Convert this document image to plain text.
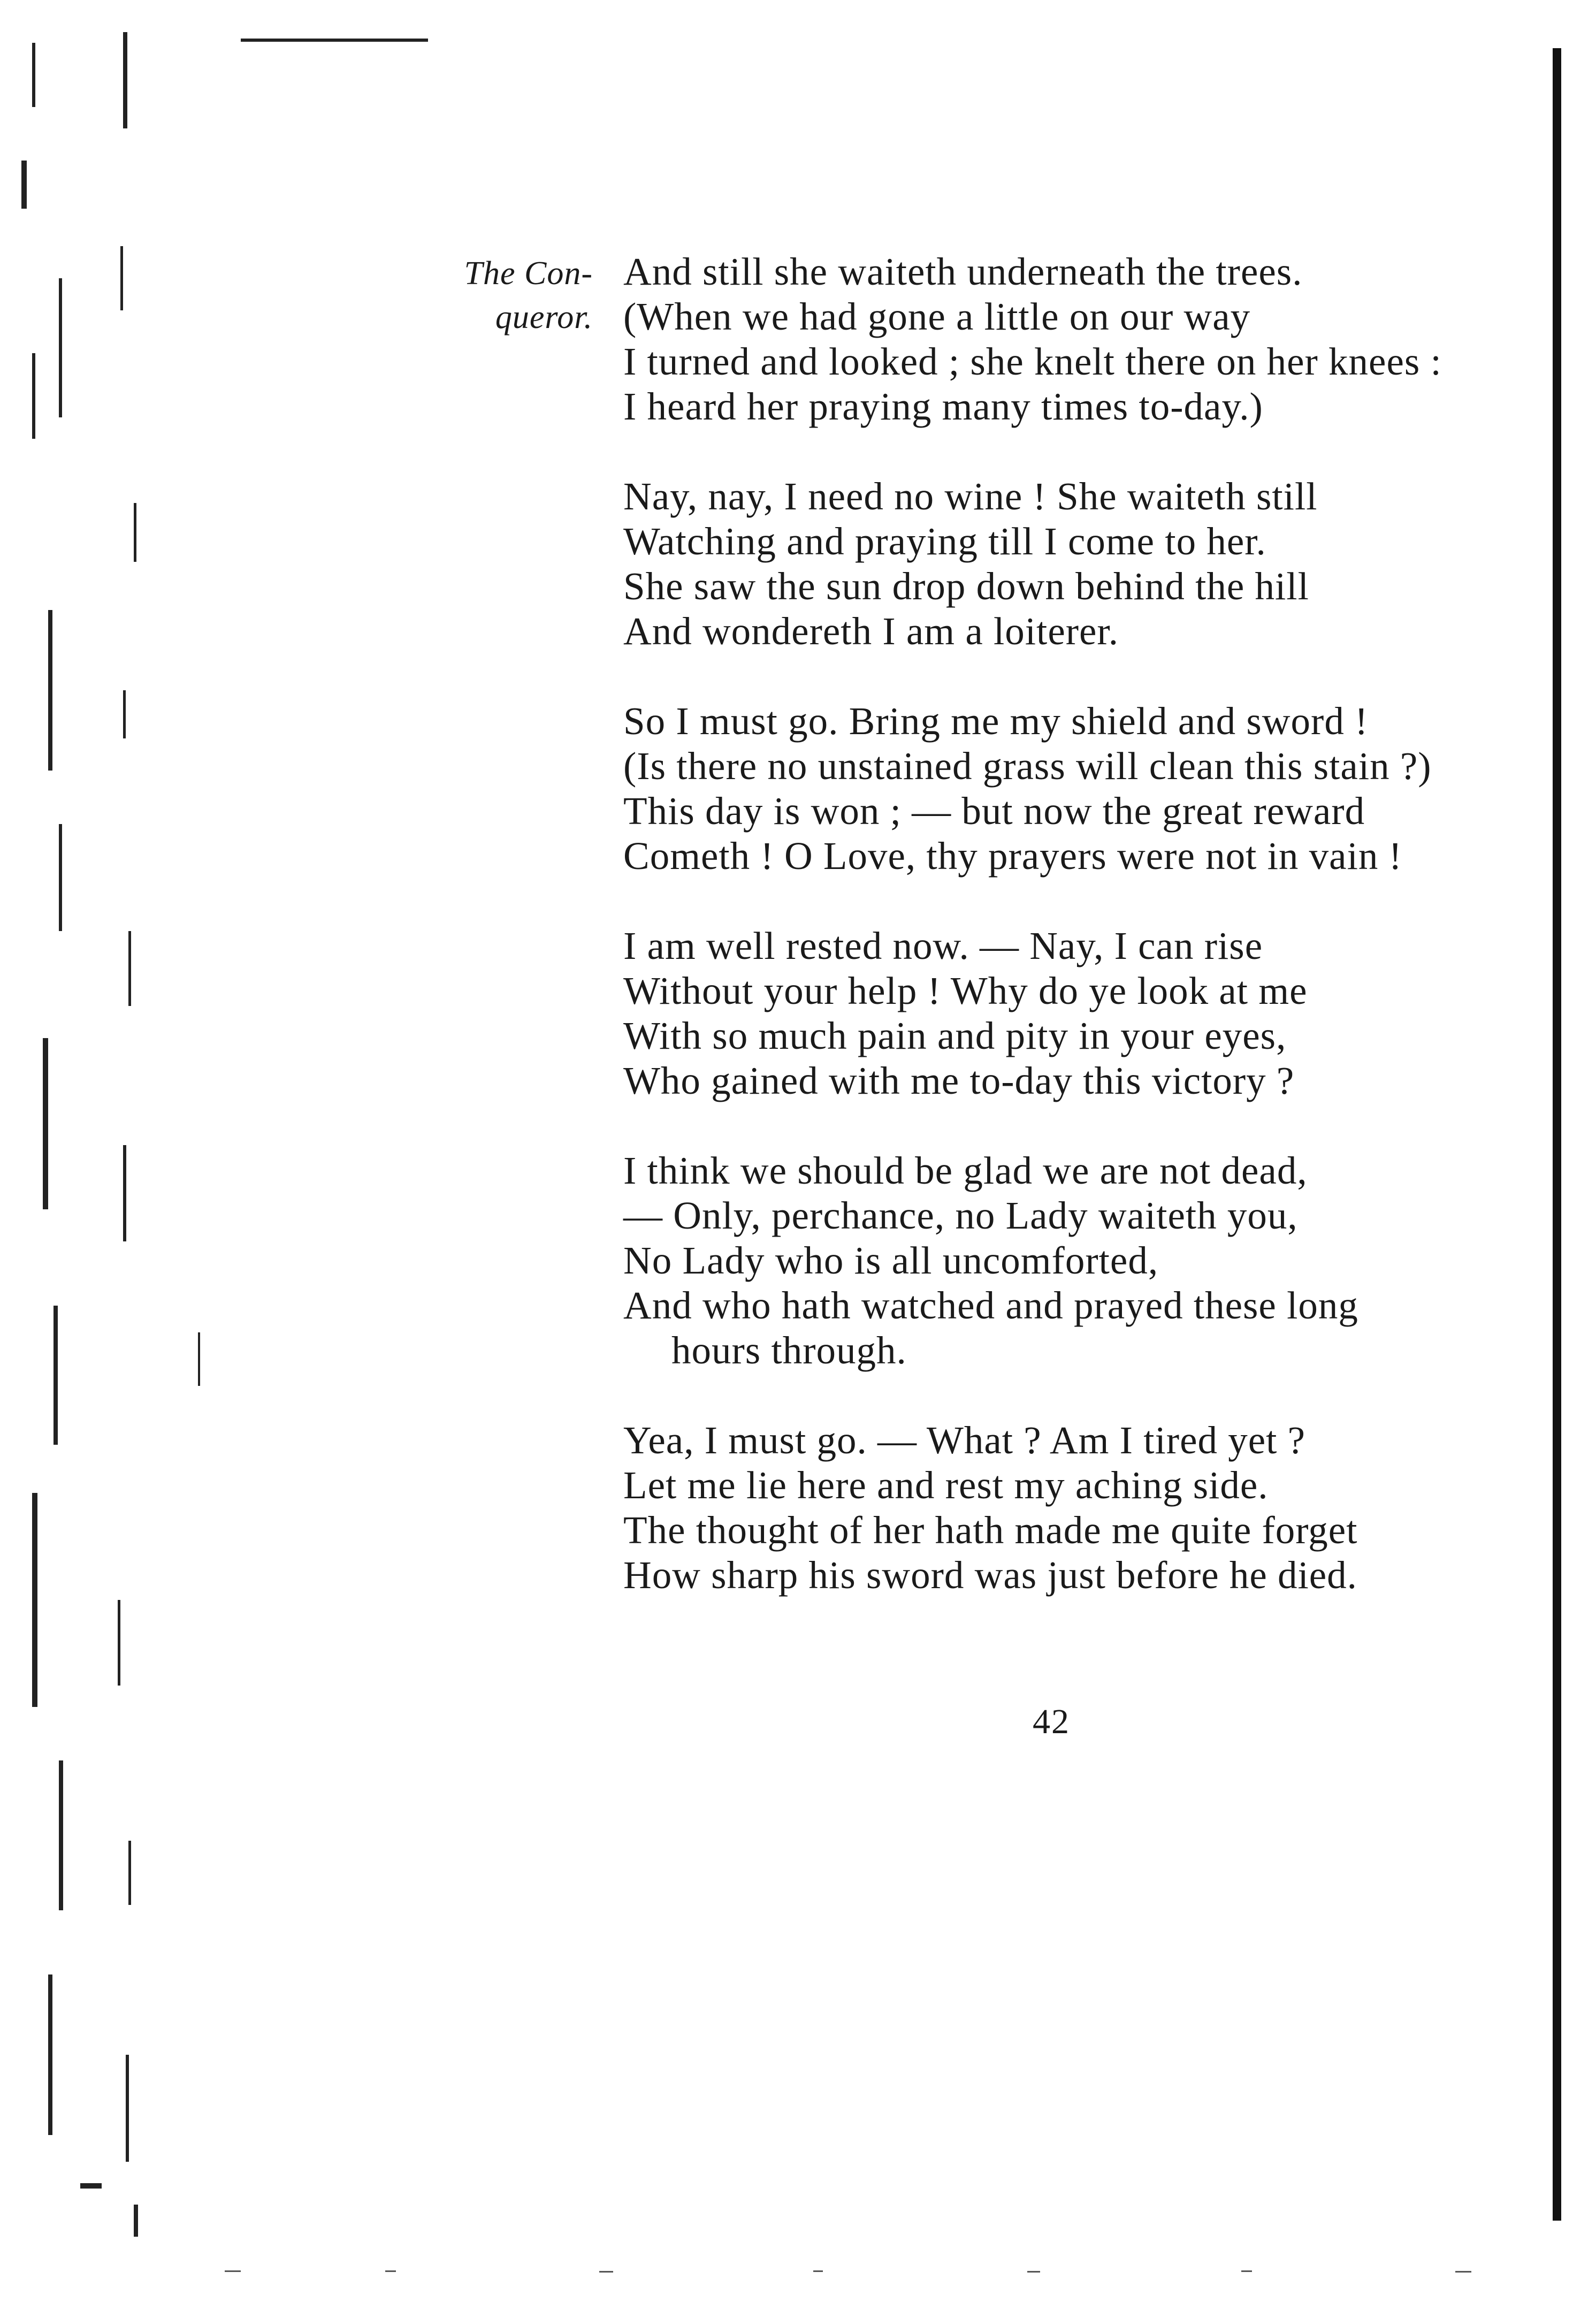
The Con-
queror.
And still she waiteth underneath the trees.
(When we had gone a little on our way
I turned and looked ; she knelt there on her knees :
I heard her praying many times to-day.)
Nay, nay, I need no wine ! She waiteth still
Watching and praying till I come to her.
She saw the sun drop down behind the hill
And wondereth I am a loiterer.
So I must go. Bring me my shield and sword !
(Is there no unstained grass will clean this stain ?)
This day is won ; — but now the great reward
Cometh ! O Love, thy prayers were not in vain !
I am well rested now. — Nay, I can rise
Without your help ! Why do ye look at me
With so much pain and pity in your eyes,
Who gained with me to-day this victory ?
I think we should be glad we are not dead,
— Only, perchance, no Lady waiteth you,
No Lady who is all uncomforted,
And who hath watched and prayed these long
hours through.
Yea, I must go. — What ? Am I tired yet ?
Let me lie here and rest my aching side.
The thought of her hath made me quite forget
How sharp his sword was just before he died.
42
